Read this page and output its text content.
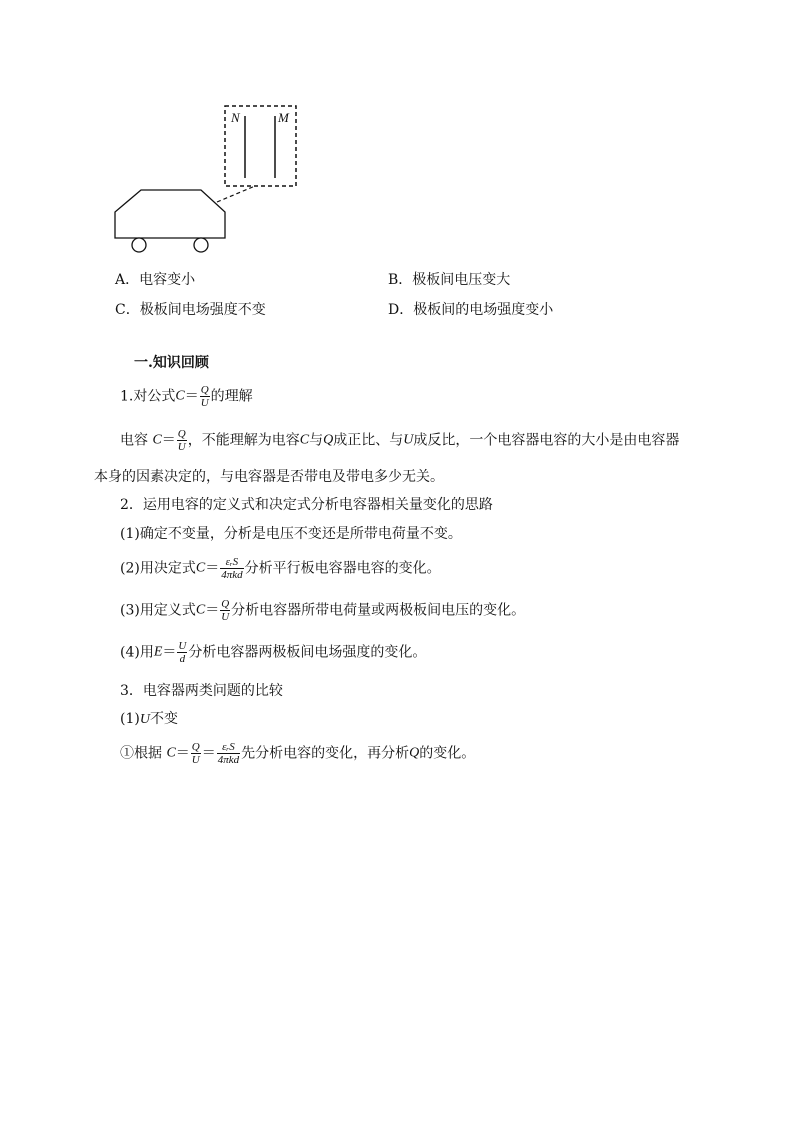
N	M
A．电容变小	B．极板间电压变大
C．极板间电场强度不变	D．极板间的电场强度变小
一.知识回顾
1.对公式$C= \frac{Q}{U}$ 的理解
电容 $C= \frac{Q}{U}$ ，不能理解为电容C与Q成正比、与U成反比，一个电容器电容的大小是由电容器
本身的因素决定的，与电容器是否带电及带电多少无关。
2．运用电容的定义式和决定式分析电容器相关量变化的思路
(1)确定不变量，分析是电压不变还是所带电荷量不变。
(2)用决定式$C= \frac{\text{εᵣS}}{\text{4πkd}}$ 分析平行板电容器电容的变化。
(3)用定义式$C= \frac{Q}{U}$ 分析电容器所带电荷量或两极板间电压的变化。
(4)用$E= \frac{U}{d}$ 分析电容器两极板间电场强度的变化。
3．电容器两类问题的比较
(1)U不变
①根据 $C= \frac{Q}{U} = \frac{\text{εᵣS}}{\text{4πkd}}$ 先分析电容的变化，再分析Q的变化。
